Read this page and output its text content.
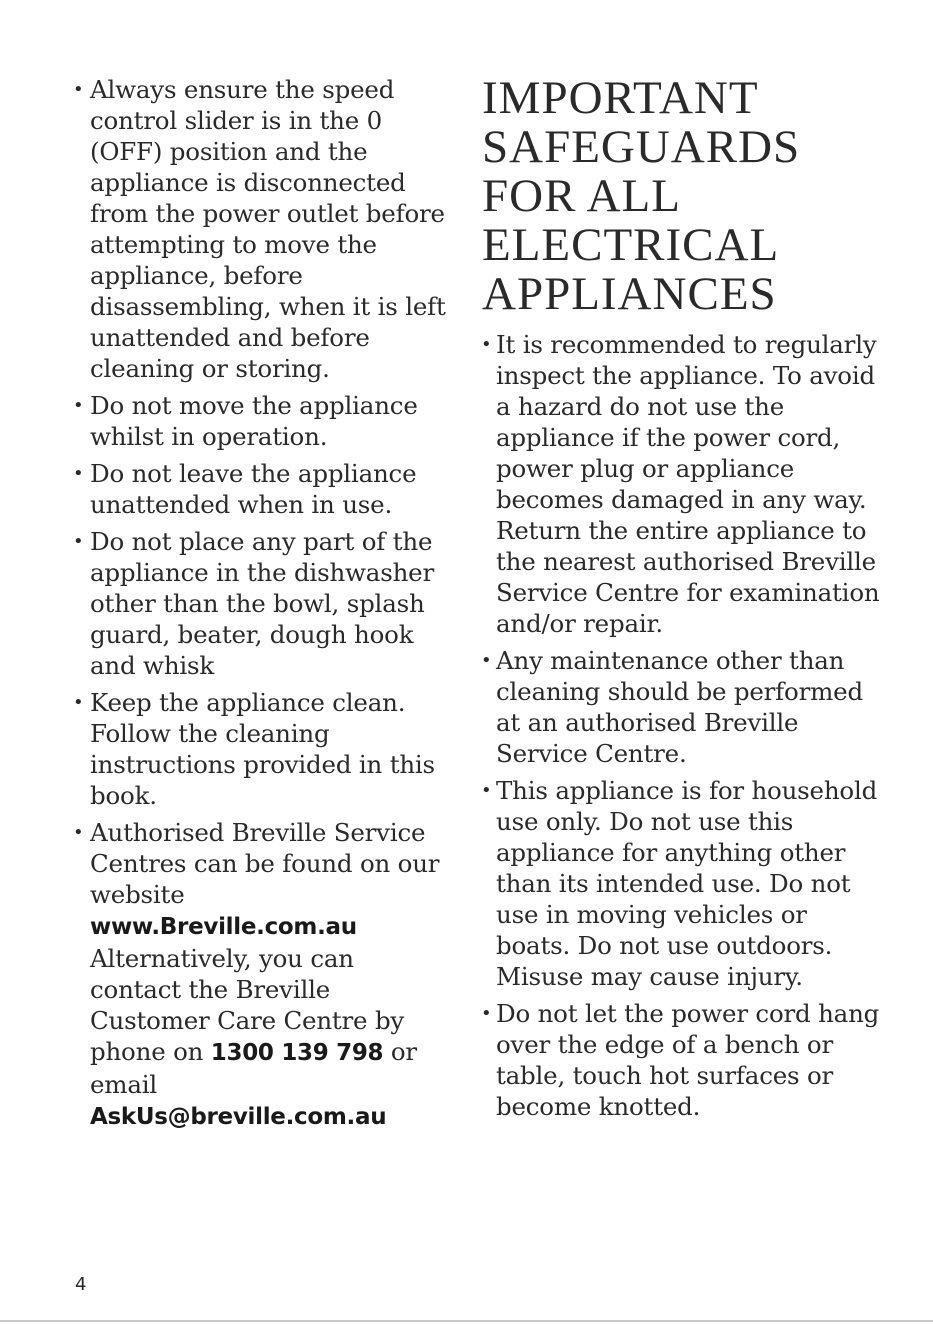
• Always ensure the speed control slider is in the 0 (OFF) position and the appliance is disconnected from the power outlet before attempting to move the appliance, before disassembling, when it is left unattended and before cleaning or storing.
• Do not move the appliance whilst in operation.
• Do not leave the appliance unattended when in use.
• Do not place any part of the appliance in the dishwasher other than the bowl, splash guard, beater, dough hook and whisk
• Keep the appliance clean. Follow the cleaning instructions provided in this book.
• Authorised Breville Service Centres can be found on our website www.Breville.com.au Alternatively, you can contact the Breville Customer Care Centre by phone on 1300 139 798 or email AskUs@breville.com.au
IMPORTANT
SAFEGUARDS
FOR ALL
ELECTRICAL
APPLIANCES
• It is recommended to regularly inspect the appliance. To avoid a hazard do not use the appliance if the power cord, power plug or appliance becomes damaged in any way. Return the entire appliance to the nearest authorised Breville Service Centre for examination and/or repair.
• Any maintenance other than cleaning should be performed at an authorised Breville Service Centre.
• This appliance is for household use only. Do not use this appliance for anything other than its intended use. Do not use in moving vehicles or boats. Do not use outdoors. Misuse may cause injury.
• Do not let the power cord hang over the edge of a bench or table, touch hot surfaces or become knotted.
4
